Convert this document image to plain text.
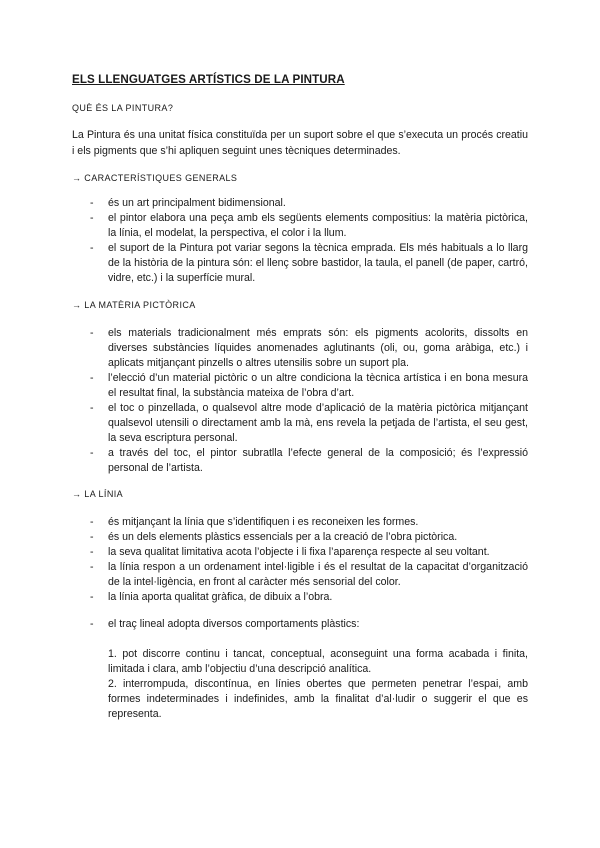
ELS LLENGUATGES ARTÍSTICS DE LA PINTURA
QUÈ ÉS LA PINTURA?

La Pintura és una unitat física constituïda per un suport sobre el que s’executa un procés creatiu i els pigments que s’hi apliquen seguint unes tècniques determinades.

→ CARACTERÍSTIQUES GENERALS
- és un art principalment bidimensional.
- el pintor elabora una peça amb els següents elements compositius: la matèria pictòrica, la línia, el modelat, la perspectiva, el color i la llum.
- el suport de la Pintura pot variar segons la tècnica emprada. Els més habituals a lo llarg de la història de la pintura són: el llenç sobre bastidor, la taula, el panell (de paper, cartró, vidre, etc.) i la superfície mural.
→ LA MATÈRIA PICTÒRICA
- els materials tradicionalment més emprats són: els pigments acolorits, dissolts en diverses substàncies líquides anomenades aglutinants (oli, ou, goma aràbiga, etc.) i aplicats mitjançant pinzells o altres utensilis sobre un suport pla.
- l’elecció d’un material pictòric o un altre condiciona la tècnica artística i en bona mesura el resultat final, la substància mateixa de l’obra d’art.
- el toc o pinzellada, o qualsevol altre mode d’aplicació de la matèria pictòrica mitjançant qualsevol utensili o directament amb la mà, ens revela la petjada de l’artista, el seu gest, la seva escriptura personal.
- a través del toc, el pintor subratlla l’efecte general de la composició; és l’expressió personal de l’artista.
→ LA LÍNIA
- és mitjançant la línia que s’identifiquen i es reconeixen les formes.
- és un dels elements plàstics essencials per a la creació de l’obra pictòrica.
- la seva qualitat limitativa acota l’objecte i li fixa l’aparença respecte al seu voltant.
- la línia respon a un ordenament intel·ligible i és el resultat de la capacitat d’organització de la intel·ligència, en front al caràcter més sensorial del color.
- la línia aporta qualitat gràfica, de dibuix a l’obra.
- el traç lineal adopta diversos comportaments plàstics:
1. pot discorre continu i tancat, conceptual, aconseguint una forma acabada i finita, limitada i clara, amb l’objectiu d’una descripció analítica.
2. interrompuda, discontínua, en línies obertes que permeten penetrar l’espai, amb formes indeterminades i indefinides, amb la finalitat d’al·ludir o suggerir el que es representa.
